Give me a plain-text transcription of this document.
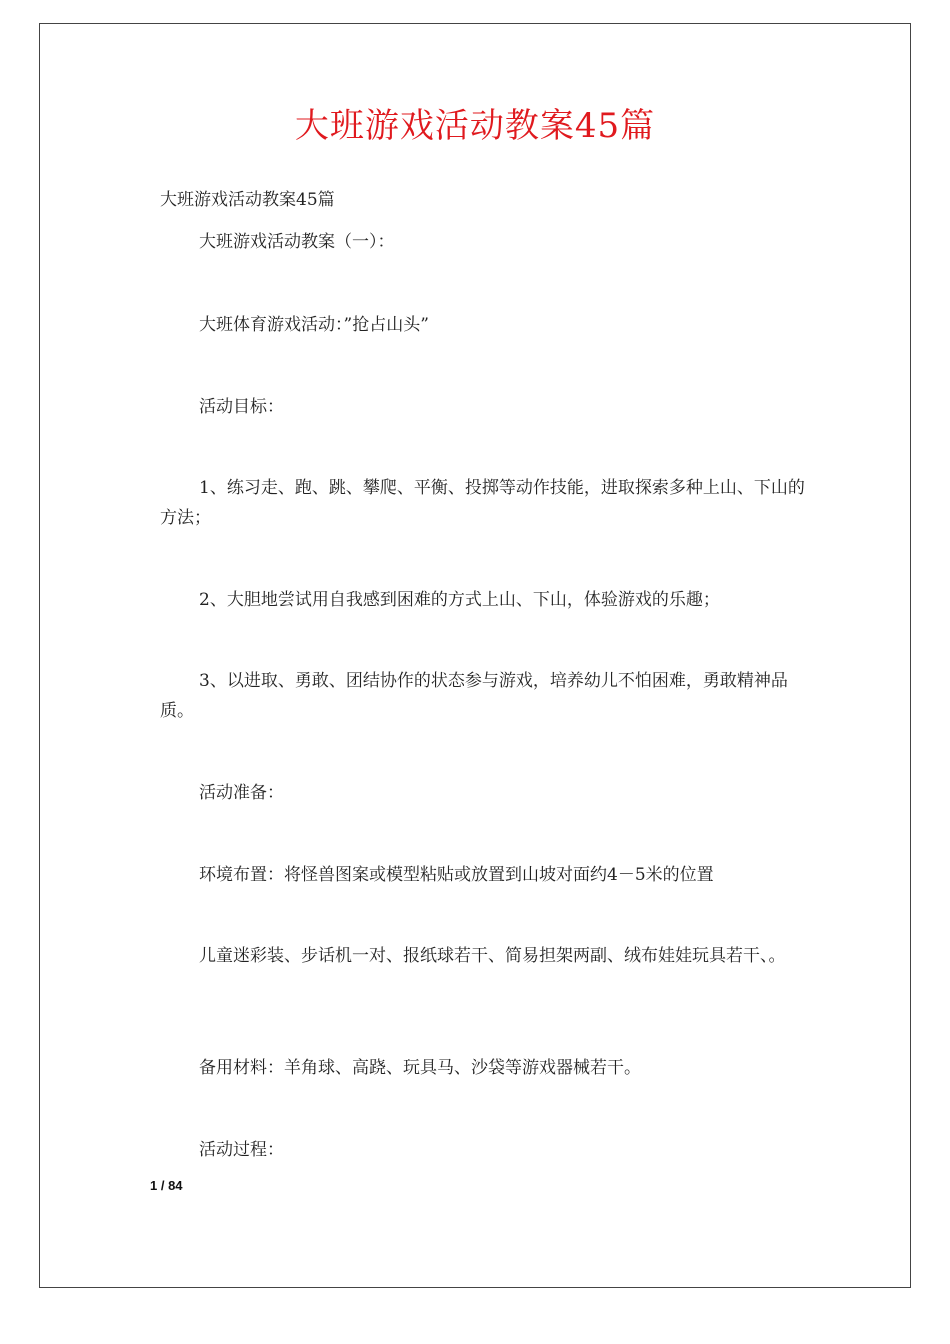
大班游戏活动教案45篇

大班游戏活动教案45篇

大班游戏活动教案（一）：

大班体育游戏活动：”抢占山头”

活动目标：

1、练习走、跑、跳、攀爬、平衡、投掷等动作技能，进取探索多种上山、下山的方法；

2、大胆地尝试用自我感到困难的方式上山、下山，体验游戏的乐趣；

3、以进取、勇敢、团结协作的状态参与游戏，培养幼儿不怕困难，勇敢精神品质。

活动准备：

环境布置：将怪兽图案或模型粘贴或放置到山坡对面约4－5米的位置

儿童迷彩装、步话机一对、报纸球若干、简易担架两副、绒布娃娃玩具若干、。

备用材料：羊角球、高跷、玩具马、沙袋等游戏器械若干。

活动过程：

1 / 84
